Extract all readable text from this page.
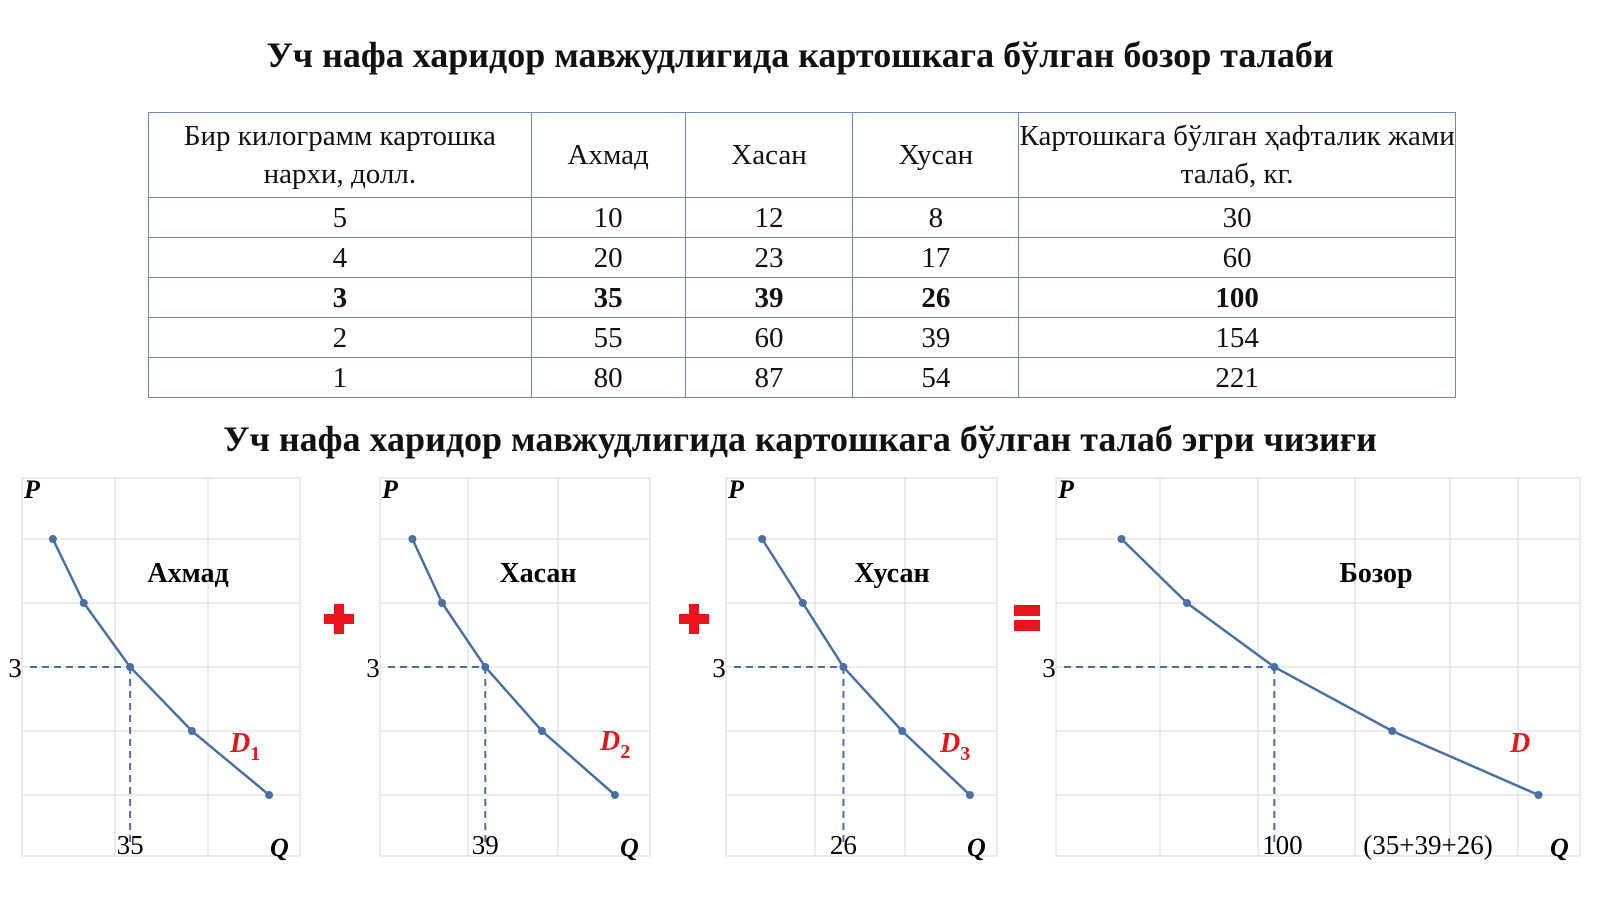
Уч нафа харидор мавжудлигида картошкага бўлган бозор талаби
Бир килограмм картошка нархи, долл.	Ахмад	Хасан	Хусан	Картошкага бўлган ҳафталик жами талаб, кг.
5	10	12	8	30
4	20	23	17	60
3	35	39	26	100
2	55	60	39	154
1	80	87	54	221
Уч нафа харидор мавжудлигида картошкага бўлган талаб эгри чизиғи
P
Q
3
35
Ахмад
$D_1$
P
Q
3
39
Хасан
$D_2$
P
Q
3
26
Хусан
$D_3$
P
Q
3
100
Бозор
D
(35+39+26)
